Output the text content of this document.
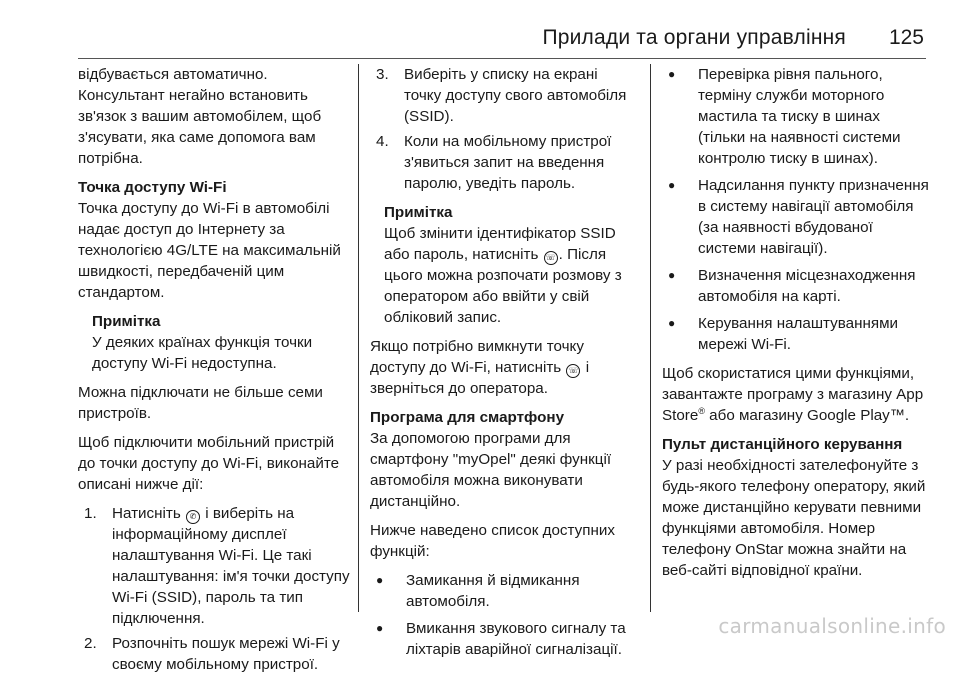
Прилади та органи управління 125

відбувається автоматично. Консультант негайно встановить зв'язок з вашим автомобілем, щоб з'ясувати, яка саме допомога вам потрібна.

Точка доступу Wi-Fi

Точка доступу до Wi-Fi в автомобілі надає доступ до Інтернету за технологією 4G/LTE на максимальній швидкості, передбаченій цим стандартом.

Примітка
У деяких країнах функція точки доступу Wi-Fi недоступна.

Можна підключати не більше семи пристроїв.

Щоб підключити мобільний пристрій до точки доступу до Wi-Fi, виконайте описані нижче дії:

1. Натисніть ✆ і виберіть на інформаційному дисплеї налаштування Wi-Fi. Це такі налаштування: ім'я точки доступу Wi-Fi (SSID), пароль та тип підключення.
2. Розпочніть пошук мережі Wi-Fi у своєму мобільному пристрої.
3. Виберіть у списку на екрані точку доступу свого автомобіля (SSID).
4. Коли на мобільному пристрої з'явиться запит на введення паролю, уведіть пароль.
Примітка
Щоб змінити ідентифікатор SSID або пароль, натисніть ☏ . Після цього можна розпочати розмову з оператором або ввійти у свій обліковий запис.

Якщо потрібно вимкнути точку доступу до Wi-Fi, натисніть ☏ і зверніться до оператора.

Програма для смартфону

За допомогою програми для смартфону "myOpel" деякі функції автомобіля можна виконувати дистанційно.

Нижче наведено список доступних функцій:

● Замикання й відмикання автомобіля.
● Вмикання звукового сигналу та ліхтарів аварійної сигналізації.
● Перевірка рівня пального, терміну служби моторного мастила та тиску в шинах (тільки на наявності системи контролю тиску в шинах).
● Надсилання пункту призначення в систему навігації автомобіля (за наявності вбудованої системи навігації).
● Визначення місцезнаходження автомобіля на карті.
● Керування налаштуваннями мережі Wi-Fi.

Щоб скористатися цими функціями, завантажте програму з магазину App Store® або магазину Google Play™.

Пульт дистанційного керування

У разі необхідності зателефонуйте з будь-якого телефону оператору, який може дистанційно керувати певними функціями автомобіля. Номер телефону OnStar можна знайти на веб-сайті відповідної країни.

carmanualsonline.info
